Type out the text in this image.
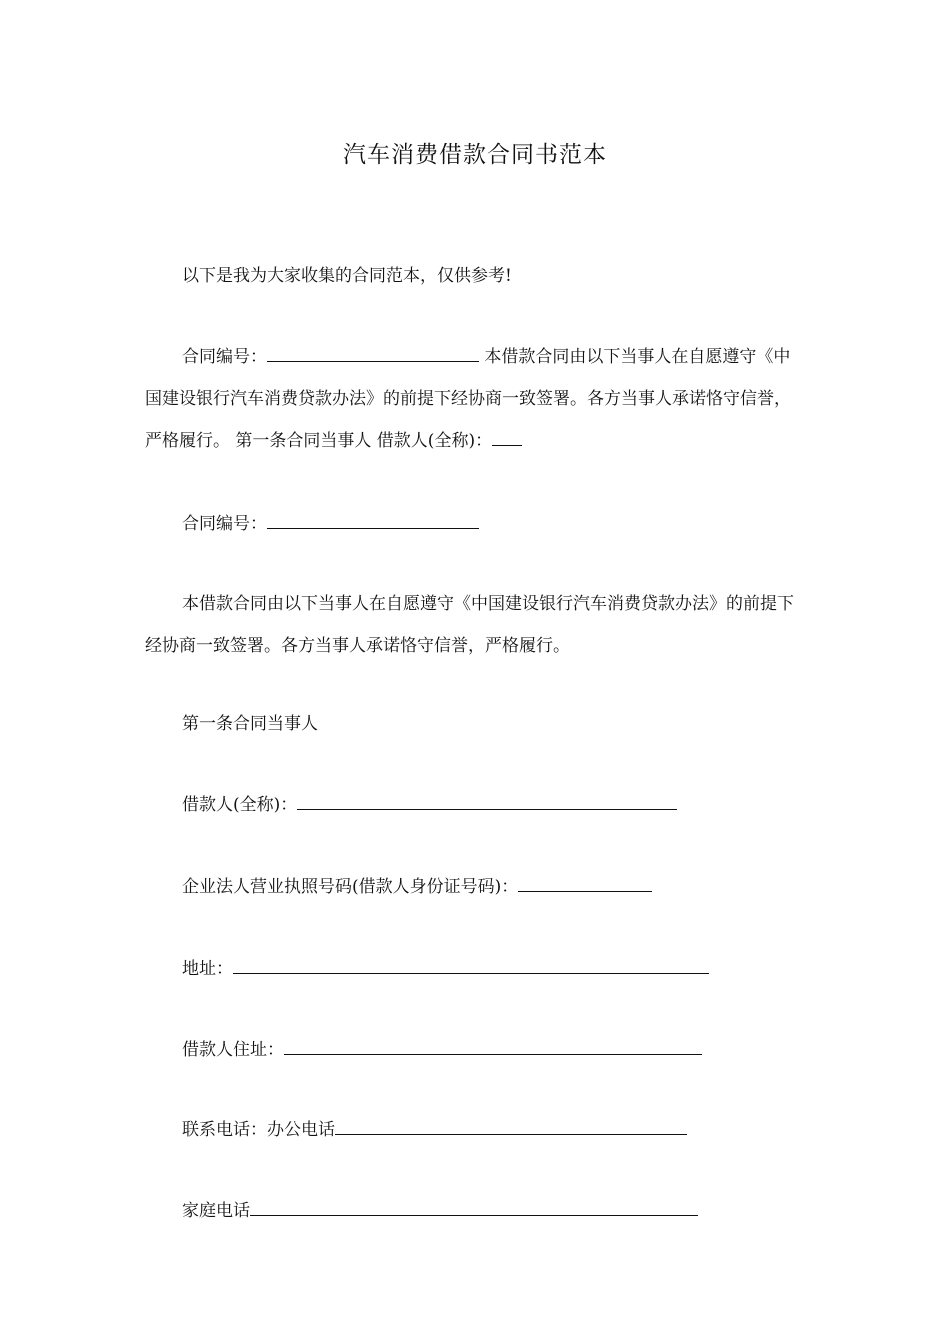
汽车消费借款合同书范本
以下是我为大家收集的合同范本，仅供参考!
合同编号：	本借款合同由以下当事人在自愿遵守《中国建设银行汽车消费贷款办法》的前提下经协商一致签署。各方当事人承诺恪守信誉，严格履行。 第一条合同当事人 借款人(全称)：
合同编号：
本借款合同由以下当事人在自愿遵守《中国建设银行汽车消费贷款办法》的前提下经协商一致签署。各方当事人承诺恪守信誉，严格履行。
第一条合同当事人
借款人(全称)：
企业法人营业执照号码(借款人身份证号码)：
地址：
借款人住址：
联系电话：办公电话
家庭电话
